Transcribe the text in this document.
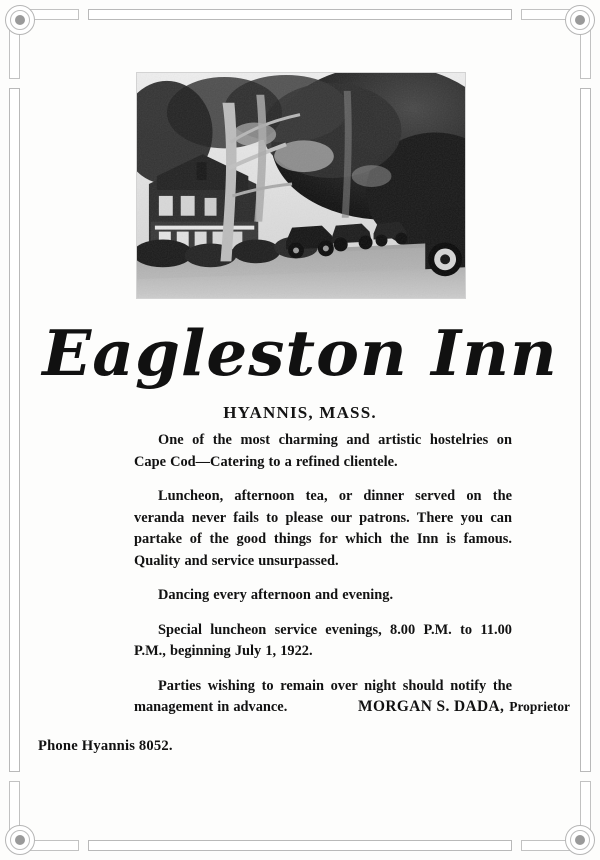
Eagleston Inn
HYANNIS, MASS.

One of the most charming and artistic hostelries on Cape Cod—Catering to a refined clientele.

Luncheon, afternoon tea, or dinner served on the veranda never fails to please our patrons. There you can partake of the good things for which the Inn is famous. Quality and service unsurpassed.

Dancing every afternoon and evening.

Special luncheon service evenings, 8.00 P.M. to 11.00 P.M., beginning July 1, 1922.

Parties wishing to remain over night should notify the management in advance.	MORGAN S. DADA, Proprietor
Phone Hyannis 8052.
